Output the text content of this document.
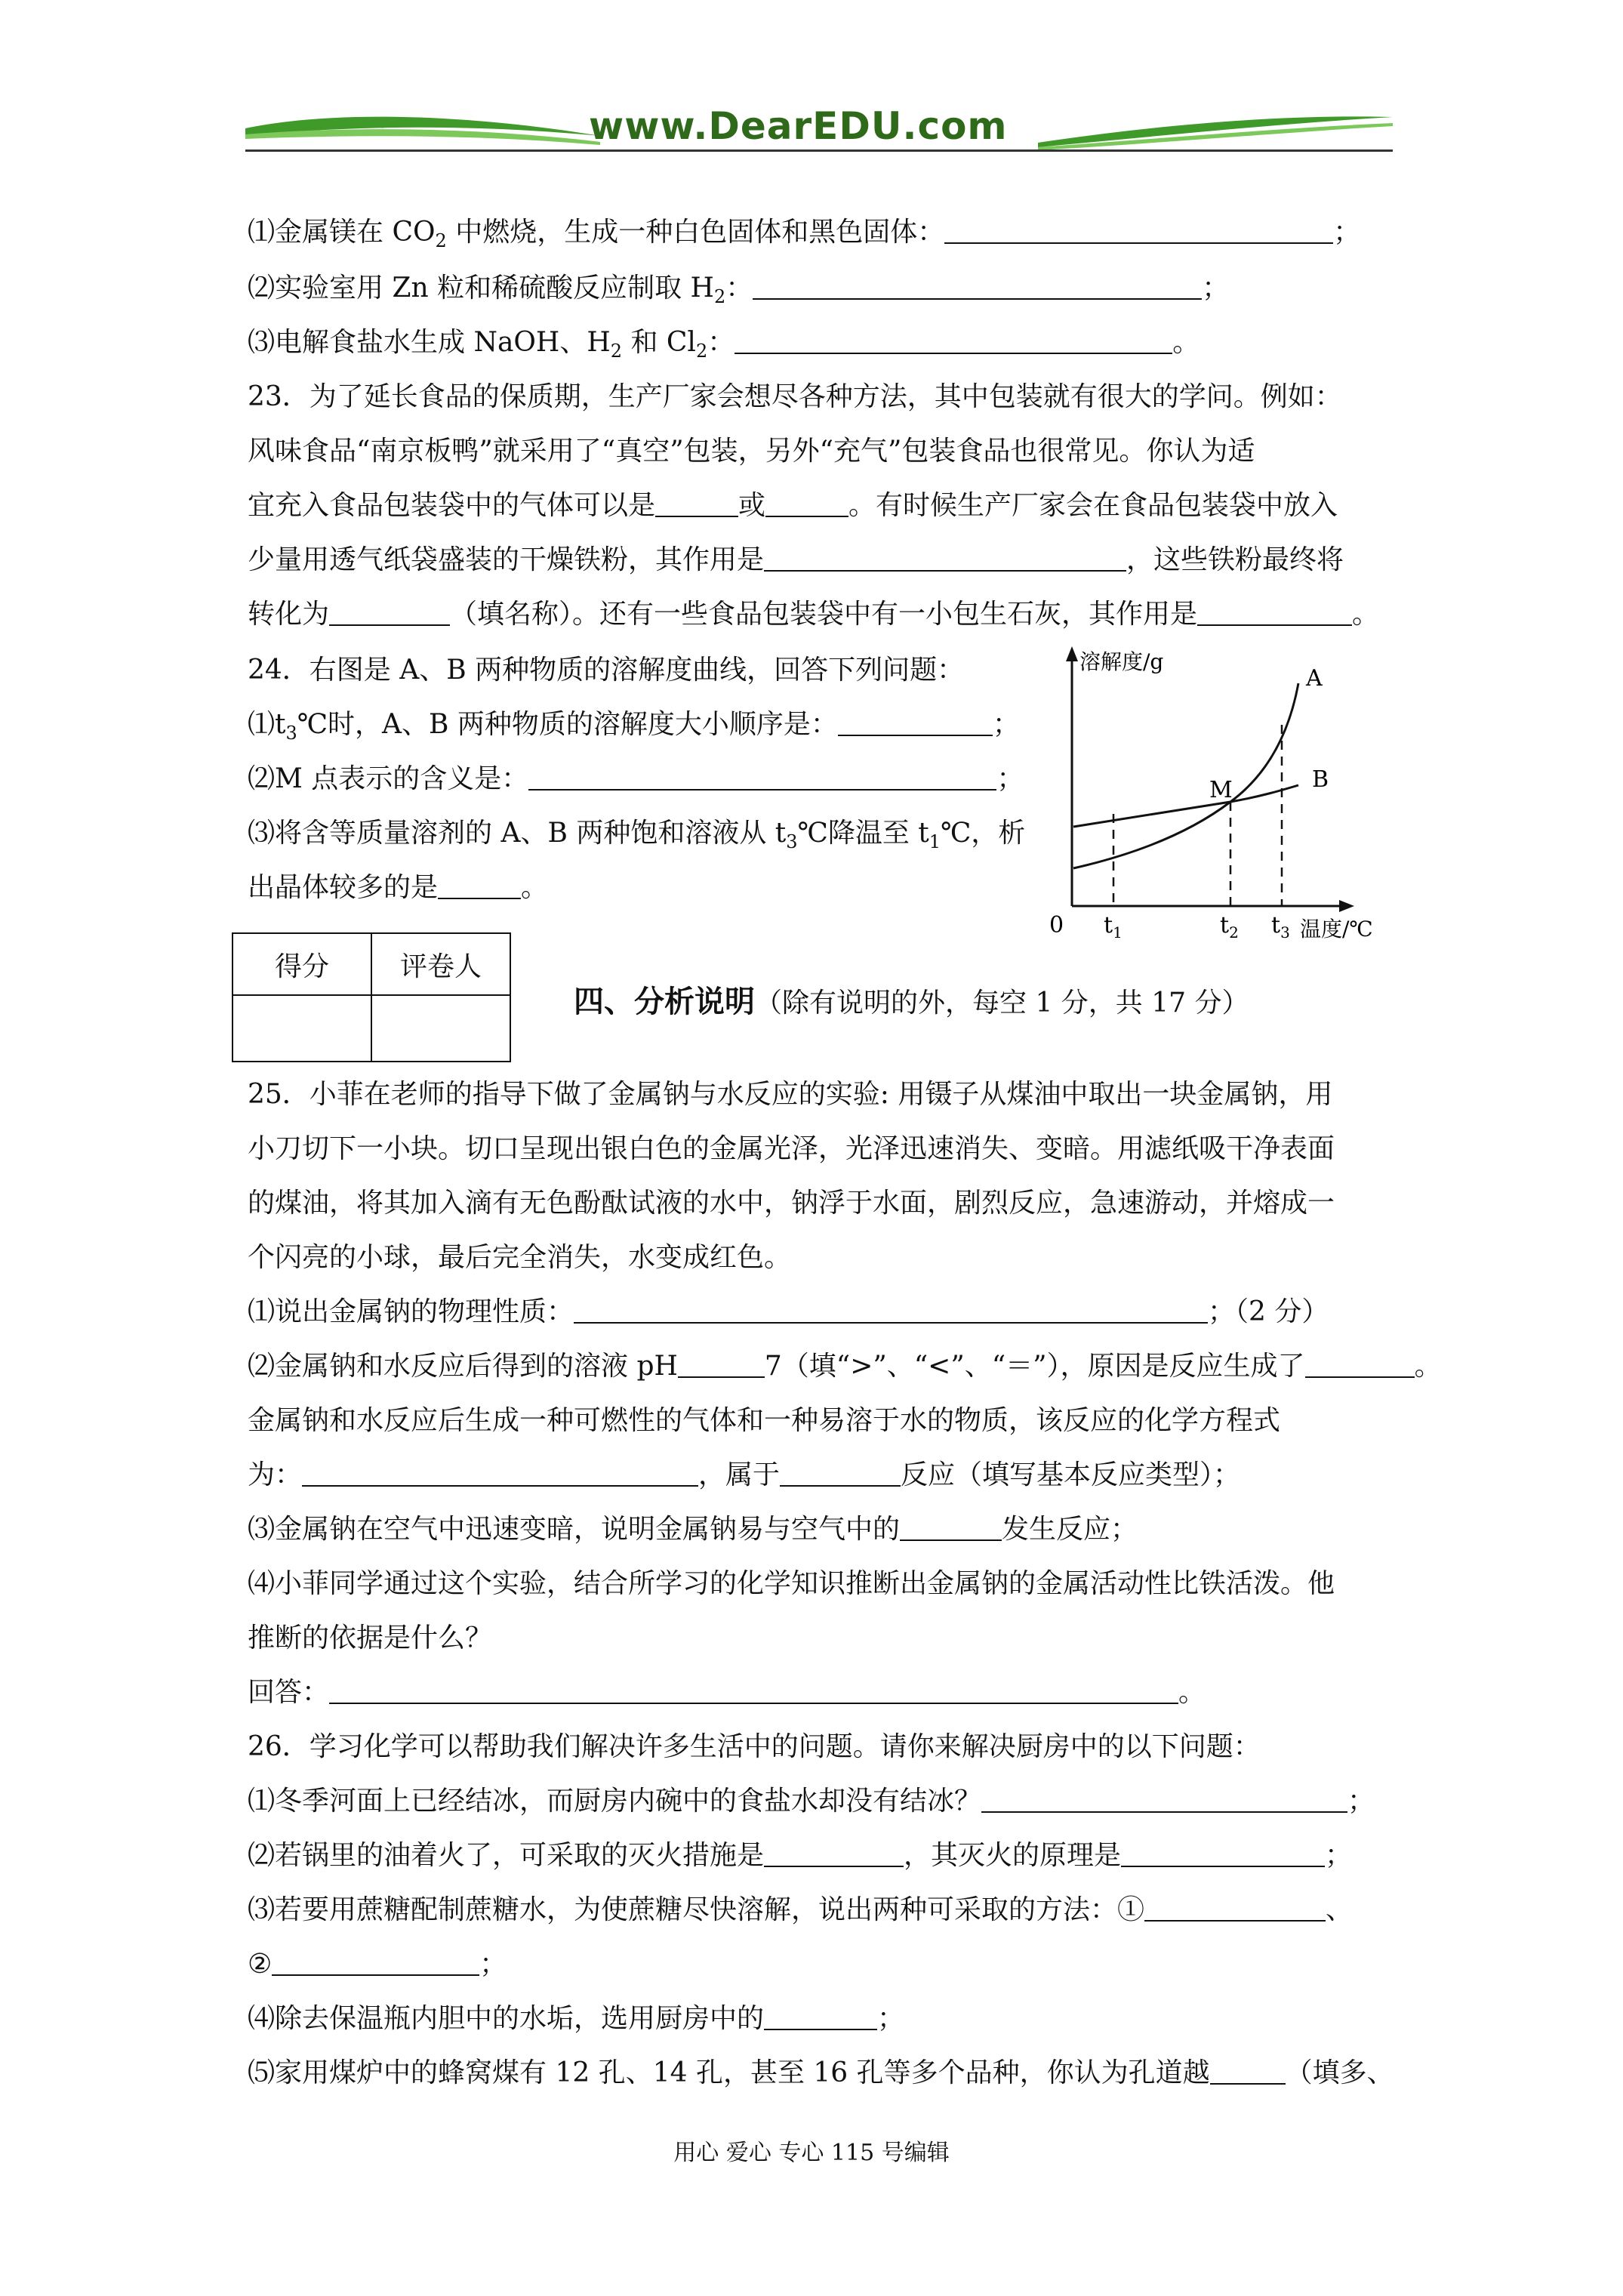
www.DearEDU.com
⑴金属镁在 $CO_2$ 中燃烧，生成一种白色固体和黑色固体：	；
⑵实验室用 Zn 粒和稀硫酸反应制取 $H_2$：	；
⑶电解食盐水生成 NaOH、$H_2$ 和 $Cl_2$：	。
23．为了延长食品的保质期，生产厂家会想尽各种方法，其中包装就有很大的学问。例如：
风味食品“南京板鸭”就采用了“真空”包装，另外“充气”包装食品也很常见。你认为适
宜充入食品包装袋中的气体可以是	或	。有时候生产厂家会在食品包装袋中放入
少量用透气纸袋盛装的干燥铁粉，其作用是	，这些铁粉最终将
转化为	（填名称）。还有一些食品包装袋中有一小包生石灰，其作用是	。
24．右图是 A、B 两种物质的溶解度曲线，回答下列问题：
$⑴t_3℃$时，A、B 两种物质的溶解度大小顺序是：	；
⑵M 点表示的含义是：	；
⑶将含等质量溶剂的 A、B 两种饱和溶液从 $t_3℃$降温至 $t_1℃$，析
出晶体较多的是	。
溶解度/g
温度/℃
0
A
B
M
$t_1$	$t_2$ $t_3$
得分	评卷人

四、分析说明（除有说明的外，每空 1 分，共 17 分）
25．小菲在老师的指导下做了金属钠与水反应的实验: 用镊子从煤油中取出一块金属钠，用
小刀切下一小块。切口呈现出银白色的金属光泽，光泽迅速消失、变暗。用滤纸吸干净表面
的煤油，将其加入滴有无色酚酞试液的水中，钠浮于水面，剧烈反应，急速游动，并熔成一
个闪亮的小球，最后完全消失，水变成红色。
⑴说出金属钠的物理性质：	；（2 分）
⑵金属钠和水反应后得到的溶液 pH	7（填“>”、“<”、“＝”），原因是反应生成了	。
金属钠和水反应后生成一种可燃性的气体和一种易溶于水的物质，该反应的化学方程式
为：	，属于	反应（填写基本反应类型）；
⑶金属钠在空气中迅速变暗，说明金属钠易与空气中的	发生反应；
⑷小菲同学通过这个实验，结合所学习的化学知识推断出金属钠的金属活动性比铁活泼。他
推断的依据是什么？
回答：	。
26．学习化学可以帮助我们解决许多生活中的问题。请你来解决厨房中的以下问题：
⑴冬季河面上已经结冰，而厨房内碗中的食盐水却没有结冰？	；
⑵若锅里的油着火了，可采取的灭火措施是	，其灭火的原理是	；
⑶若要用蔗糖配制蔗糖水，为使蔗糖尽快溶解，说出两种可采取的方法：①	、
②	；
⑷除去保温瓶内胆中的水垢，选用厨房中的	；
⑸家用煤炉中的蜂窝煤有 12 孔、14 孔，甚至 16 孔等多个品种，你认为孔道越	（填多、
用心 爱心 专心 115 号编辑
